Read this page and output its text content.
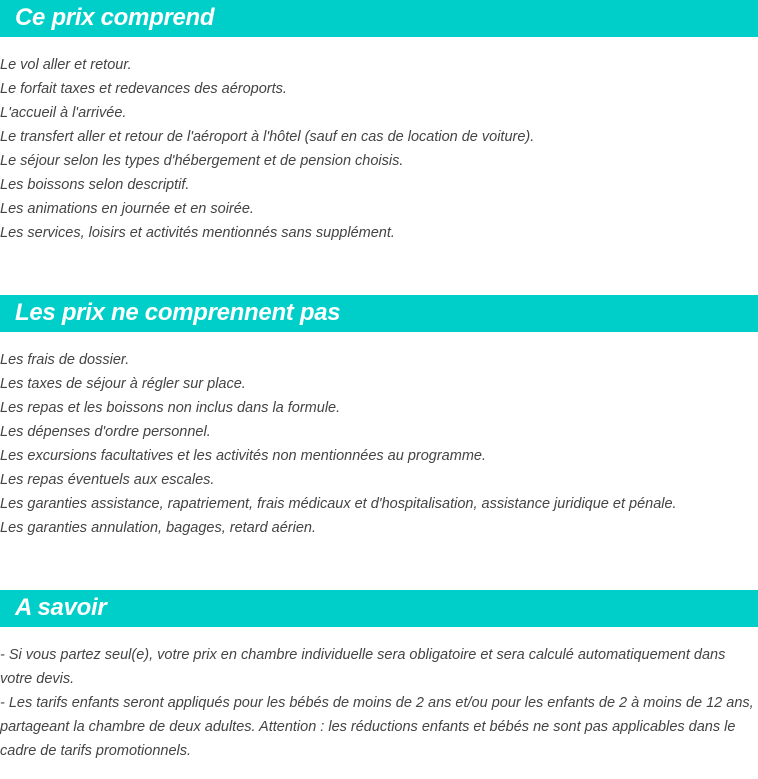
Ce prix comprend
Le vol aller et retour.
Le forfait taxes et redevances des aéroports.
L'accueil à l'arrivée.
Le transfert aller et retour de l'aéroport à l'hôtel (sauf en cas de location de voiture).
Le séjour selon les types d'hébergement et de pension choisis.
Les boissons selon descriptif.
Les animations en journée et en soirée.
Les services, loisirs et activités mentionnés sans supplément.
Les prix ne comprennent pas
Les frais de dossier.
Les taxes de séjour à régler sur place.
Les repas et les boissons non inclus dans la formule.
Les dépenses d'ordre personnel.
Les excursions facultatives et les activités non mentionnées au programme.
Les repas éventuels aux escales.
Les garanties assistance, rapatriement, frais médicaux et d'hospitalisation, assistance juridique et pénale.
Les garanties annulation, bagages, retard aérien.
A savoir

- Si vous partez seul(e), votre prix en chambre individuelle sera obligatoire et sera calculé automatiquement dans votre devis.

- Les tarifs enfants seront appliqués pour les bébés de moins de 2 ans et/ou pour les enfants de 2 à moins de 12 ans, partageant la chambre de deux adultes. Attention : les réductions enfants et bébés ne sont pas applicables dans le cadre de tarifs promotionnels.
